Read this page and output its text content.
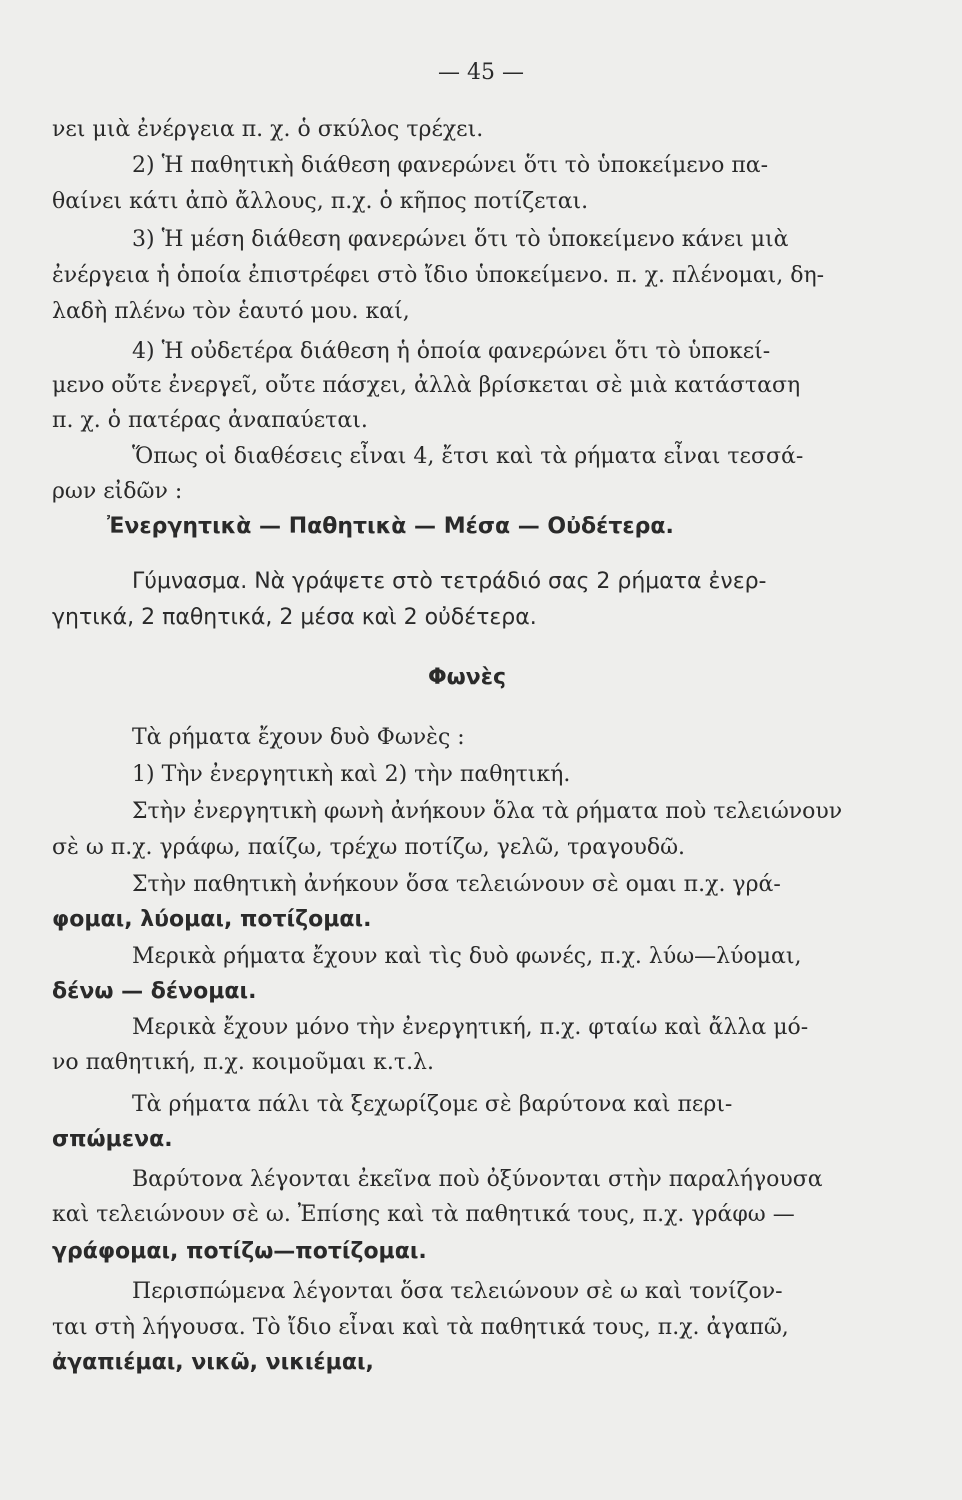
— 45 —
νει μιὰ ἐνέργεια π. χ. ὁ σκύλος τρέχει.
2) Ἡ παθητικὴ διάθεση φανερώνει ὅτι τὸ ὑποκείμενο πα-
θαίνει κάτι ἀπὸ ἄλλους, π.χ. ὁ κῆπος ποτίζεται.
3) Ἡ μέση διάθεση φανερώνει ὅτι τὸ ὑποκείμενο κάνει μιὰ
ἐνέργεια ἡ ὁποία ἐπιστρέφει στὸ ἴδιο ὑποκείμενο. π. χ. πλένομαι, δη-
λαδὴ πλένω τὸν ἑαυτό μου. καί,
4) Ἡ οὐδετέρα διάθεση ἡ ὁποία φανερώνει ὅτι τὸ ὑποκεί-
μενο οὔτε ἐνεργεῖ, οὔτε πάσχει, ἀλλὰ βρίσκεται σὲ μιὰ κατάσταση
π. χ. ὁ πατέρας ἀναπαύεται.
Ὅπως οἱ διαθέσεις εἶναι 4, ἔτσι καὶ τὰ ρήματα εἶναι τεσσά-
ρων εἰδῶν :
Ἐνεργητικὰ — Παθητικὰ — Μέσα — Οὐδέτερα.
Γύμνασμα. Νὰ γράψετε στὸ τετράδιό σας 2 ρήματα ἐνερ-
γητικά, 2 παθητικά, 2 μέσα καὶ 2 οὐδέτερα.
Φωνὲς
Τὰ ρήματα ἔχουν δυὸ Φωνὲς :
1) Τὴν ἐνεργητικὴ καὶ 2) τὴν παθητική.
Στὴν ἐνεργητικὴ φωνὴ ἀνήκουν ὅλα τὰ ρήματα ποὺ τελειώνουν
σὲ ω π.χ. γράφω, παίζω, τρέχω ποτίζω, γελῶ, τραγουδῶ.
Στὴν παθητικὴ ἀνήκουν ὅσα τελειώνουν σὲ ομαι π.χ. γρά-
φομαι, λύομαι, ποτίζομαι.
Μερικὰ ρήματα ἔχουν καὶ τὶς δυὸ φωνές, π.χ. λύω—λύομαι,
δένω — δένομαι.
Μερικὰ ἔχουν μόνο τὴν ἐνεργητική, π.χ. φταίω καὶ ἄλλα μό-
νο παθητική, π.χ. κοιμοῦμαι κ.τ.λ.
Τὰ ρήματα πάλι τὰ ξεχωρίζομε σὲ βαρύτονα καὶ περι-
σπώμενα.
Βαρύτονα λέγονται ἐκεῖνα ποὺ ὀξύνονται στὴν παραλήγουσα
καὶ τελειώνουν σὲ ω. Ἐπίσης καὶ τὰ παθητικά τους, π.χ. γράφω —
γράφομαι, ποτίζω—ποτίζομαι.
Περισπώμενα λέγονται ὅσα τελειώνουν σὲ ω καὶ τονίζον-
ται στὴ λήγουσα. Τὸ ἴδιο εἶναι καὶ τὰ παθητικά τους, π.χ. ἀγαπῶ,
ἀγαπιέμαι, νικῶ, νικιέμαι,
